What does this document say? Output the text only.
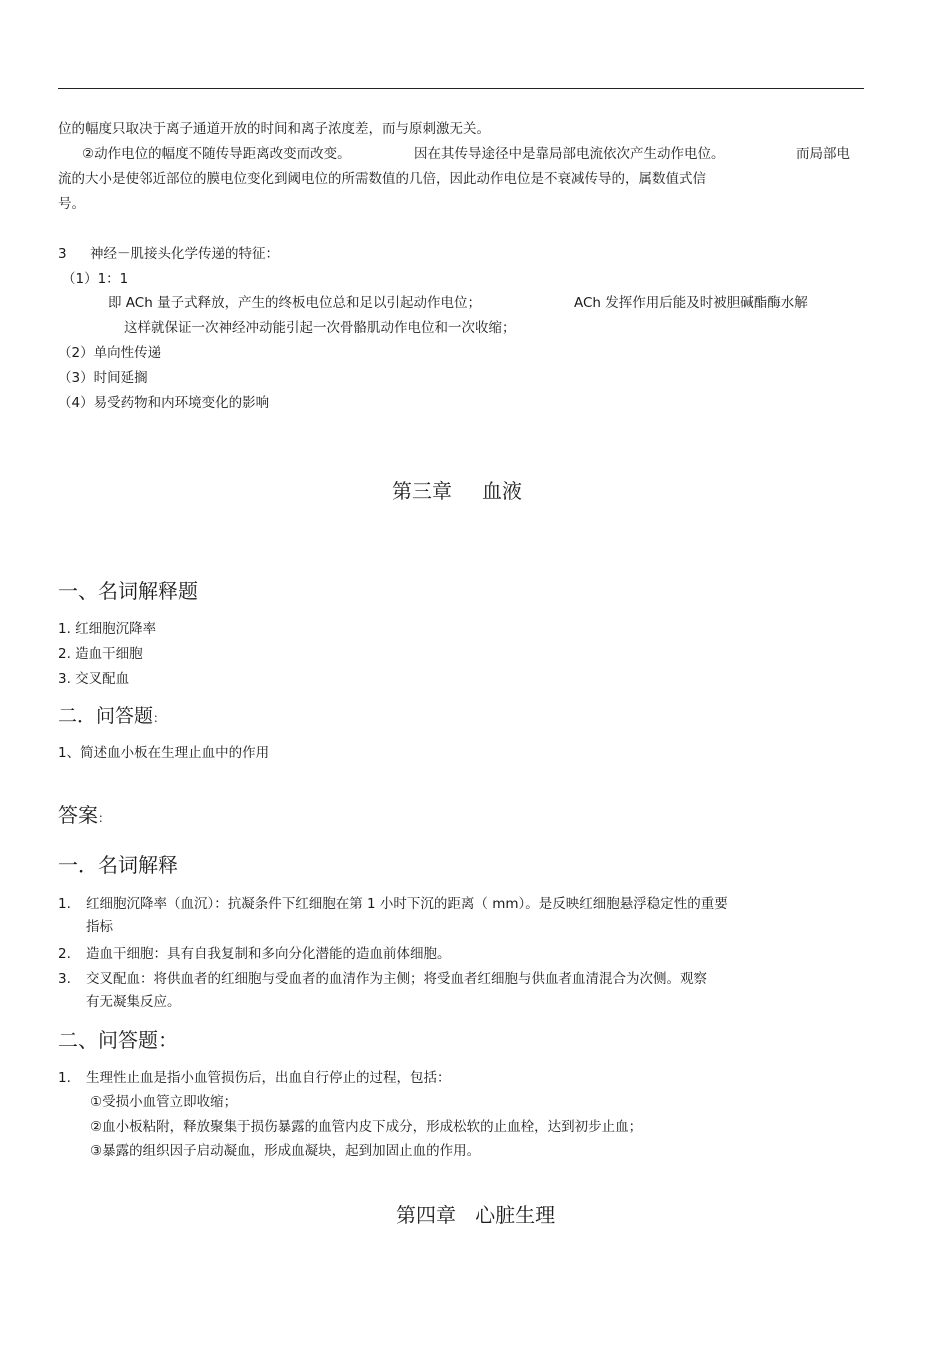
位的幅度只取决于离子通道开放的时间和离子浓度差，而与原刺激无关。
②动作电位的幅度不随传导距离改变而改变。	因在其传导途径中是靠局部电流依次产生动作电位。	而局部电
流的大小是使邻近部位的膜电位变化到阈电位的所需数值的几倍，因此动作电位是不衰减传导的，属数值式信
号。
3 神经－肌接头化学传递的特征：
（1）1：1
即 ACh 量子式释放，产生的终板电位总和足以引起动作电位；	ACh 发挥作用后能及时被胆碱酯酶水解
这样就保证一次神经冲动能引起一次骨骼肌动作电位和一次收缩；
（2）单向性传递
（3）时间延搁
（4）易受药物和内环境变化的影响
第三章 血液
一、名词解释题
1. 红细胞沉降率
2. 造血干细胞
3. 交叉配血
二．问答题：
1、简述血小板在生理止血中的作用
答案：
一．名词解释
1. 红细胞沉降率（血沉）：抗凝条件下红细胞在第 1 小时下沉的距离（ mm）。是反映红细胞悬浮稳定性的重要
指标
2. 造血干细胞：具有自我复制和多向分化潜能的造血前体细胞。
3. 交叉配血：将供血者的红细胞与受血者的血清作为主侧；将受血者红细胞与供血者血清混合为次侧。观察
有无凝集反应。
二、问答题：
1. 生理性止血是指小血管损伤后，出血自行停止的过程，包括：
①受损小血管立即收缩；
②血小板粘附，释放聚集于损伤暴露的血管内皮下成分，形成松软的止血栓，达到初步止血；
③暴露的组织因子启动凝血，形成血凝块，起到加固止血的作用。
第四章   心脏生理
